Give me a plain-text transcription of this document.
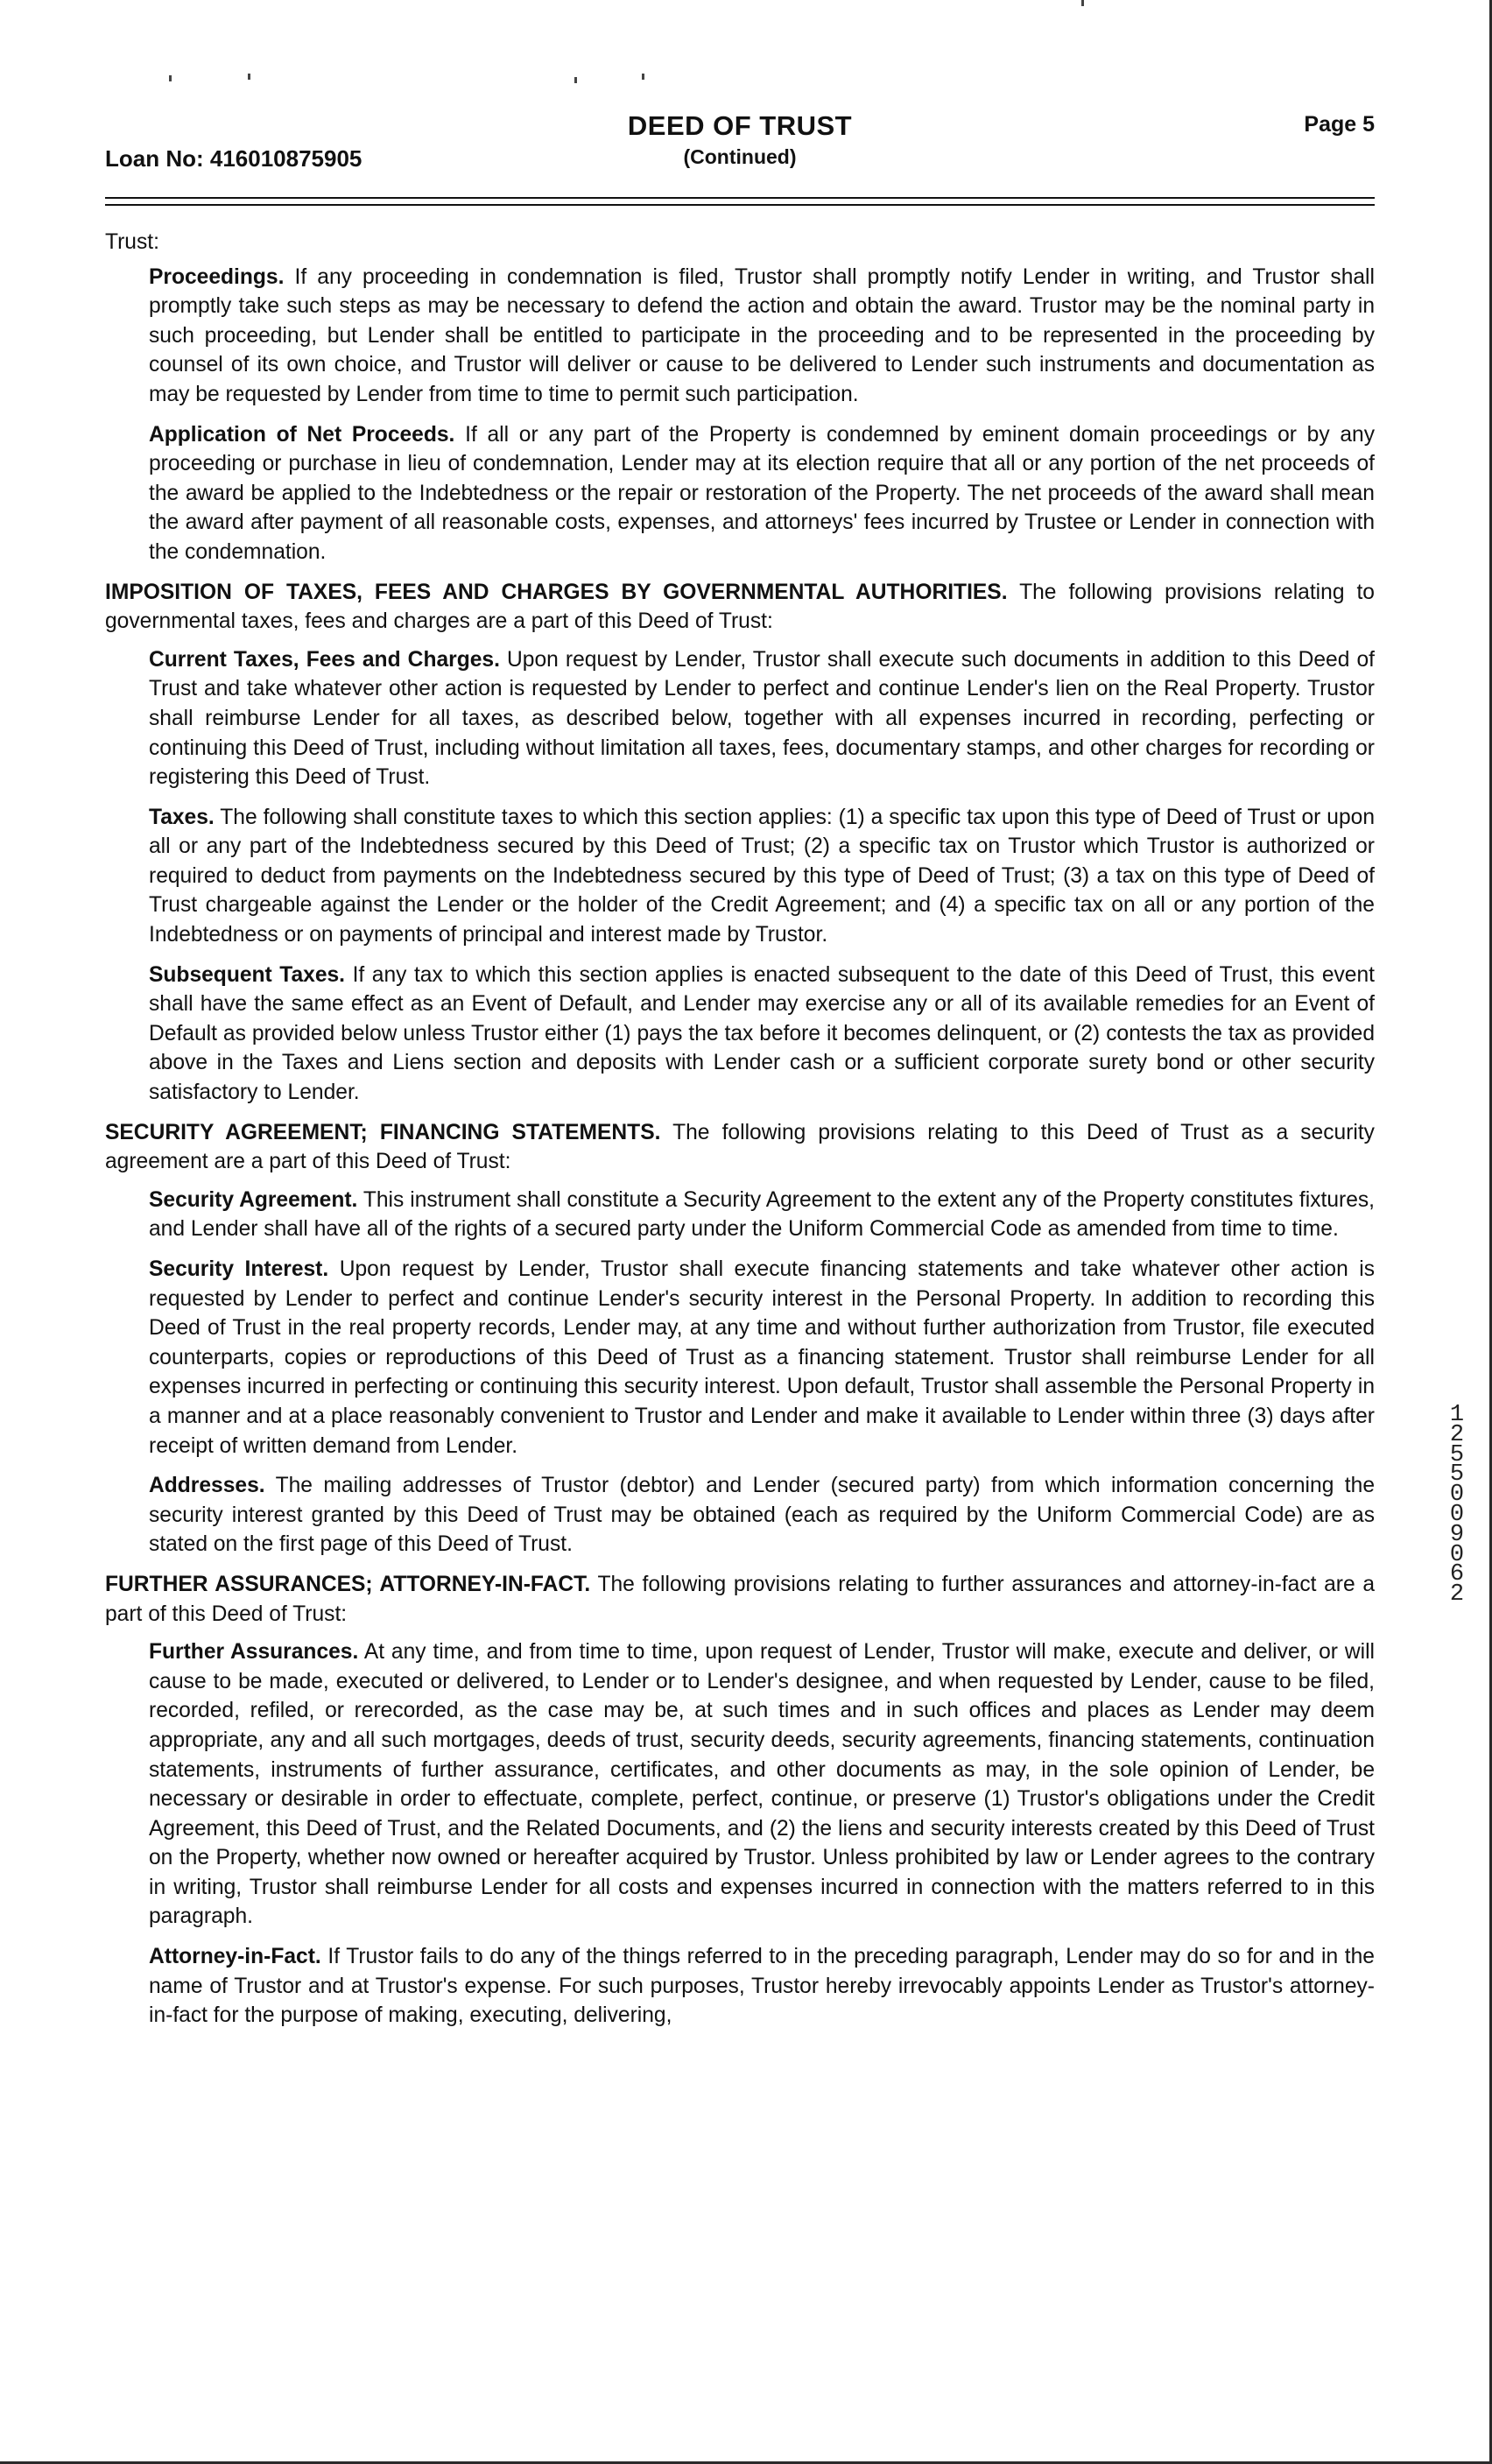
Loan No: 416010875905
DEED OF TRUST
(Continued)
Page 5

Trust:

Proceedings. If any proceeding in condemnation is filed, Trustor shall promptly notify Lender in writing, and Trustor shall promptly take such steps as may be necessary to defend the action and obtain the award. Trustor may be the nominal party in such proceeding, but Lender shall be entitled to participate in the proceeding and to be represented in the proceeding by counsel of its own choice, and Trustor will deliver or cause to be delivered to Lender such instruments and documentation as may be requested by Lender from time to time to permit such participation.

Application of Net Proceeds. If all or any part of the Property is condemned by eminent domain proceedings or by any proceeding or purchase in lieu of condemnation, Lender may at its election require that all or any portion of the net proceeds of the award be applied to the Indebtedness or the repair or restoration of the Property. The net proceeds of the award shall mean the award after payment of all reasonable costs, expenses, and attorneys' fees incurred by Trustee or Lender in connection with the condemnation.

IMPOSITION OF TAXES, FEES AND CHARGES BY GOVERNMENTAL AUTHORITIES. The following provisions relating to governmental taxes, fees and charges are a part of this Deed of Trust:

Current Taxes, Fees and Charges. Upon request by Lender, Trustor shall execute such documents in addition to this Deed of Trust and take whatever other action is requested by Lender to perfect and continue Lender's lien on the Real Property. Trustor shall reimburse Lender for all taxes, as described below, together with all expenses incurred in recording, perfecting or continuing this Deed of Trust, including without limitation all taxes, fees, documentary stamps, and other charges for recording or registering this Deed of Trust.

Taxes. The following shall constitute taxes to which this section applies: (1) a specific tax upon this type of Deed of Trust or upon all or any part of the Indebtedness secured by this Deed of Trust; (2) a specific tax on Trustor which Trustor is authorized or required to deduct from payments on the Indebtedness secured by this type of Deed of Trust; (3) a tax on this type of Deed of Trust chargeable against the Lender or the holder of the Credit Agreement; and (4) a specific tax on all or any portion of the Indebtedness or on payments of principal and interest made by Trustor.

Subsequent Taxes. If any tax to which this section applies is enacted subsequent to the date of this Deed of Trust, this event shall have the same effect as an Event of Default, and Lender may exercise any or all of its available remedies for an Event of Default as provided below unless Trustor either (1) pays the tax before it becomes delinquent, or (2) contests the tax as provided above in the Taxes and Liens section and deposits with Lender cash or a sufficient corporate surety bond or other security satisfactory to Lender.

SECURITY AGREEMENT; FINANCING STATEMENTS. The following provisions relating to this Deed of Trust as a security agreement are a part of this Deed of Trust:

Security Agreement. This instrument shall constitute a Security Agreement to the extent any of the Property constitutes fixtures, and Lender shall have all of the rights of a secured party under the Uniform Commercial Code as amended from time to time.

Security Interest. Upon request by Lender, Trustor shall execute financing statements and take whatever other action is requested by Lender to perfect and continue Lender's security interest in the Personal Property. In addition to recording this Deed of Trust in the real property records, Lender may, at any time and without further authorization from Trustor, file executed counterparts, copies or reproductions of this Deed of Trust as a financing statement. Trustor shall reimburse Lender for all expenses incurred in perfecting or continuing this security interest. Upon default, Trustor shall assemble the Personal Property in a manner and at a place reasonably convenient to Trustor and Lender and make it available to Lender within three (3) days after receipt of written demand from Lender.

Addresses. The mailing addresses of Trustor (debtor) and Lender (secured party) from which information concerning the security interest granted by this Deed of Trust may be obtained (each as required by the Uniform Commercial Code) are as stated on the first page of this Deed of Trust.

FURTHER ASSURANCES; ATTORNEY-IN-FACT. The following provisions relating to further assurances and attorney-in-fact are a part of this Deed of Trust:

Further Assurances. At any time, and from time to time, upon request of Lender, Trustor will make, execute and deliver, or will cause to be made, executed or delivered, to Lender or to Lender's designee, and when requested by Lender, cause to be filed, recorded, refiled, or rerecorded, as the case may be, at such times and in such offices and places as Lender may deem appropriate, any and all such mortgages, deeds of trust, security deeds, security agreements, financing statements, continuation statements, instruments of further assurance, certificates, and other documents as may, in the sole opinion of Lender, be necessary or desirable in order to effectuate, complete, perfect, continue, or preserve (1) Trustor's obligations under the Credit Agreement, this Deed of Trust, and the Related Documents, and (2) the liens and security interests created by this Deed of Trust on the Property, whether now owned or hereafter acquired by Trustor. Unless prohibited by law or Lender agrees to the contrary in writing, Trustor shall reimburse Lender for all costs and expenses incurred in connection with the matters referred to in this paragraph.

Attorney-in-Fact. If Trustor fails to do any of the things referred to in the preceding paragraph, Lender may do so for and in the name of Trustor and at Trustor's expense. For such purposes, Trustor hereby irrevocably appoints Lender as Trustor's attorney-in-fact for the purpose of making, executing, delivering,

12550 09062
